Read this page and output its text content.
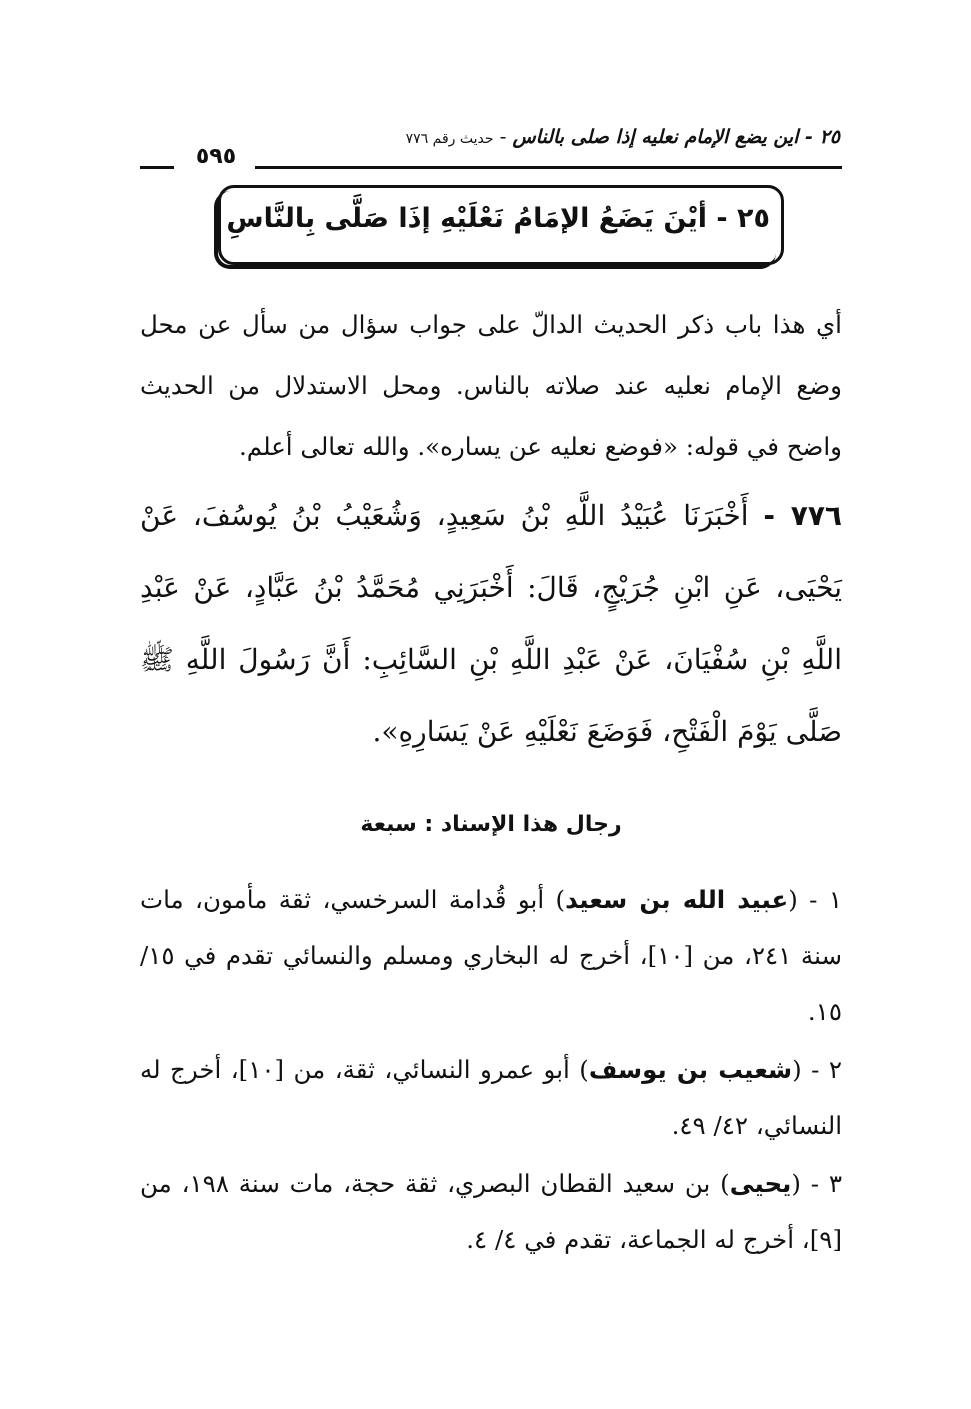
٢٥ - اين يضع الإمام نعليه إذا صلى بالناس - حديث رقم ٧٧٦
٥٩٥
٢٥ - أيْنَ يَضَعُ الإمَامُ نَعْلَيْهِ إذَا صَلَّى بِالنَّاسِ
أي هذا باب ذكر الحديث الدالّ على جواب سؤال من سأل عن محل وضع الإمام نعليه عند صلاته بالناس. ومحل الاستدلال من الحديث واضح في قوله: «فوضع نعليه عن يساره». والله تعالى أعلم.
٧٧٦ - أَخْبَرَنَا عُبَيْدُ اللَّهِ بْنُ سَعِيدٍ، وَشُعَيْبُ بْنُ يُوسُفَ، عَنْ يَحْيَى، عَنِ ابْنِ جُرَيْجٍ، قَالَ: أَخْبَرَنِي مُحَمَّدُ بْنُ عَبَّادٍ، عَنْ عَبْدِ اللَّهِ بْنِ سُفْيَانَ، عَنْ عَبْدِ اللَّهِ بْنِ السَّائِبِ: أَنَّ رَسُولَ اللَّهِ ﷺ صَلَّى يَوْمَ الْفَتْحِ، فَوَضَعَ نَعْلَيْهِ عَنْ يَسَارِهِ».
رجال هذا الإسناد : سبعة
١ - (عبيد الله بن سعيد) أبو قُدامة السرخسي، ثقة مأمون، مات سنة ٢٤١، من [١٠]، أخرج له البخاري ومسلم والنسائي تقدم في ١٥/ ١٥.
٢ - (شعيب بن يوسف) أبو عمرو النسائي، ثقة، من [١٠]، أخرج له النسائي، ٤٢/ ٤٩.
٣ - (يحيى) بن سعيد القطان البصري، ثقة حجة، مات سنة ١٩٨، من [٩]، أخرج له الجماعة، تقدم في ٤/ ٤.
